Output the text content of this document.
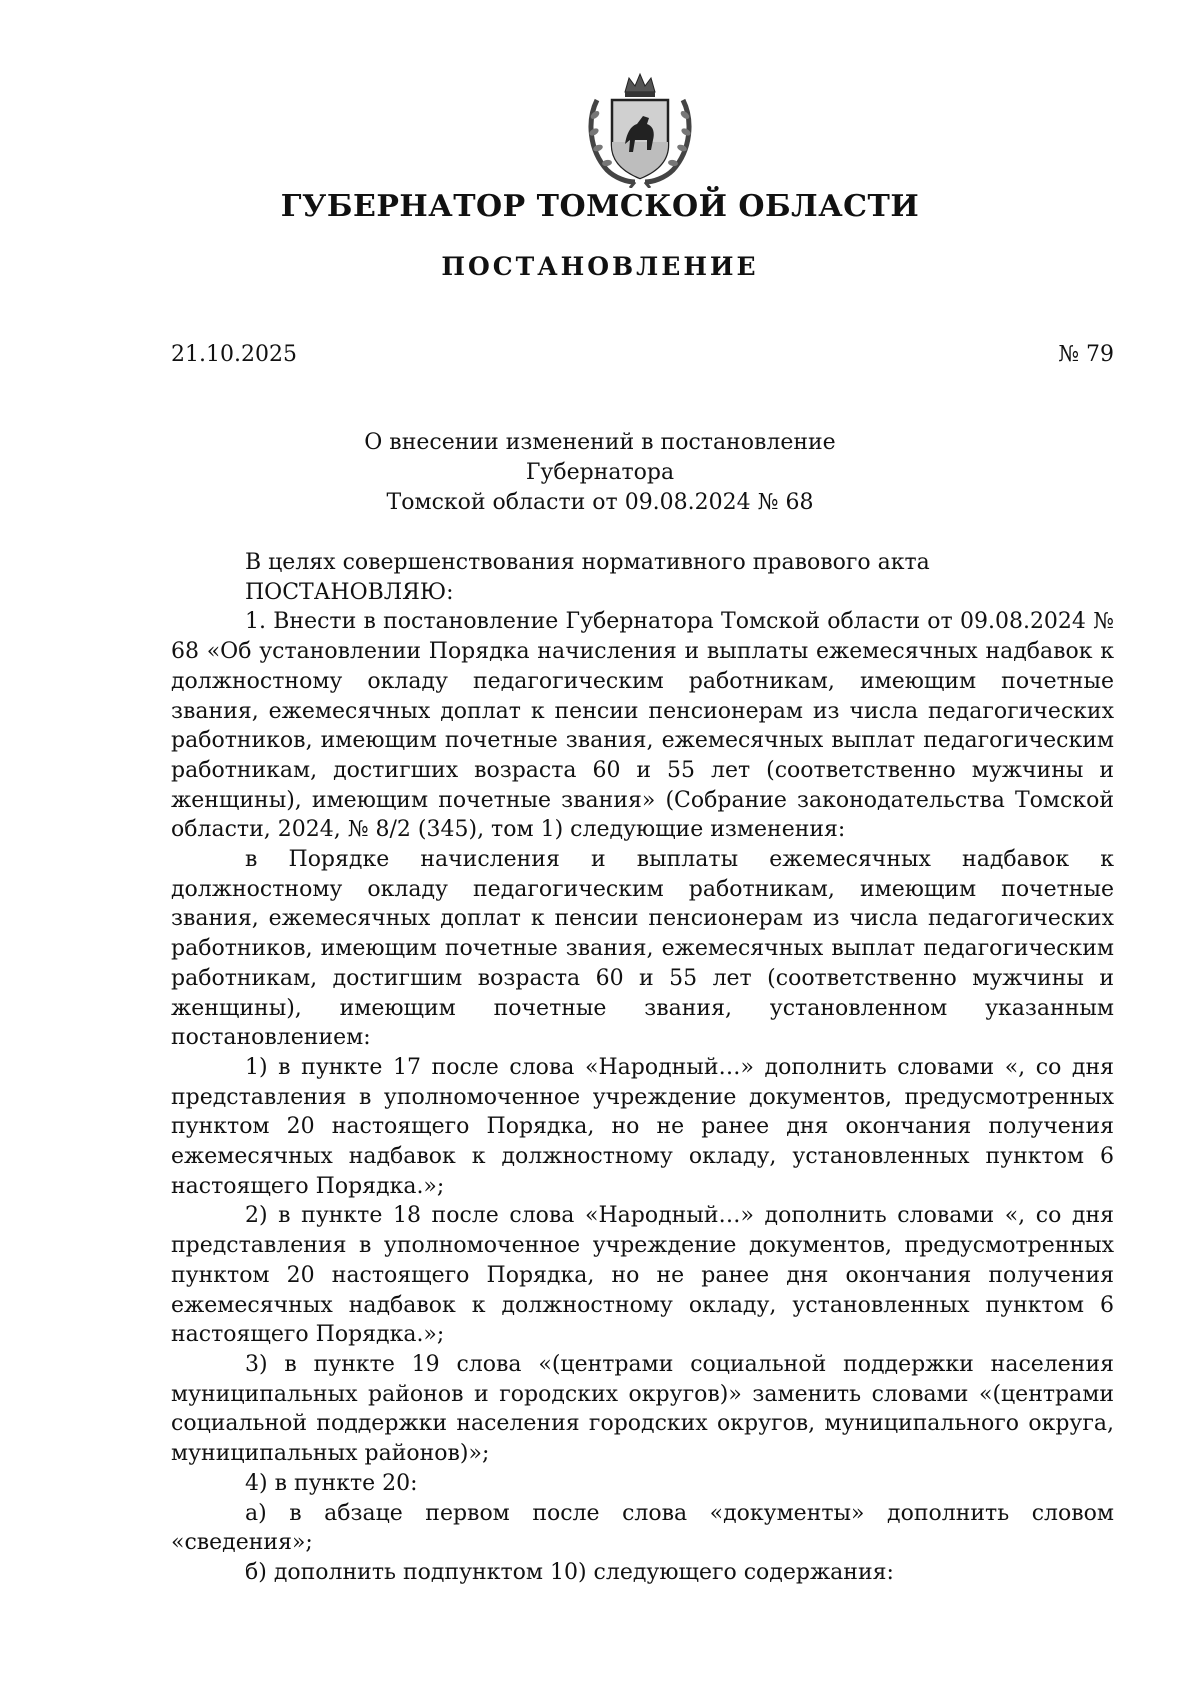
ГУБЕРНАТОР ТОМСКОЙ ОБЛАСТИ
ПОСТАНОВЛЕНИЕ
21.10.2025	№ 79
О внесении изменений в постановление Губернатора
Томской области от 09.08.2024 № 68

В целях совершенствования нормативного правового акта

ПОСТАНОВЛЯЮ:

1. Внести в постановление Губернатора Томской области от 09.08.2024 № 68 «Об установлении Порядка начисления и выплаты ежемесячных надбавок к должностному окладу педагогическим работникам, имеющим почетные звания, ежемесячных доплат к пенсии пенсионерам из числа педагогических работников, имеющим почетные звания, ежемесячных выплат педагогическим работникам, достигших возраста 60 и 55 лет (соответственно мужчины и женщины), имеющим почетные звания» (Собрание законодательства Томской области, 2024, № 8/2 (345), том 1) следующие изменения:

в Порядке начисления и выплаты ежемесячных надбавок к должностному окладу педагогическим работникам, имеющим почетные звания, ежемесячных доплат к пенсии пенсионерам из числа педагогических работников, имеющим почетные звания, ежемесячных выплат педагогическим работникам, достигшим возраста 60 и 55 лет (соответственно мужчины и женщины), имеющим почетные звания, установленном указанным постановлением:

1) в пункте 17 после слова «Народный…» дополнить словами «, со дня представления в уполномоченное учреждение документов, предусмотренных пунктом 20 настоящего Порядка, но не ранее дня окончания получения ежемесячных надбавок к должностному окладу, установленных пунктом 6 настоящего Порядка.»;

2) в пункте 18 после слова «Народный…» дополнить словами «, со дня представления в уполномоченное учреждение документов, предусмотренных пунктом 20 настоящего Порядка, но не ранее дня окончания получения ежемесячных надбавок к должностному окладу, установленных пунктом 6 настоящего Порядка.»;

3) в пункте 19 слова «(центрами социальной поддержки населения муниципальных районов и городских округов)» заменить словами «(центрами социальной поддержки населения городских округов, муниципального округа, муниципальных районов)»;

4) в пункте 20:

а) в абзаце первом после слова «документы» дополнить словом «сведения»;

б) дополнить подпунктом 10) следующего содержания:
